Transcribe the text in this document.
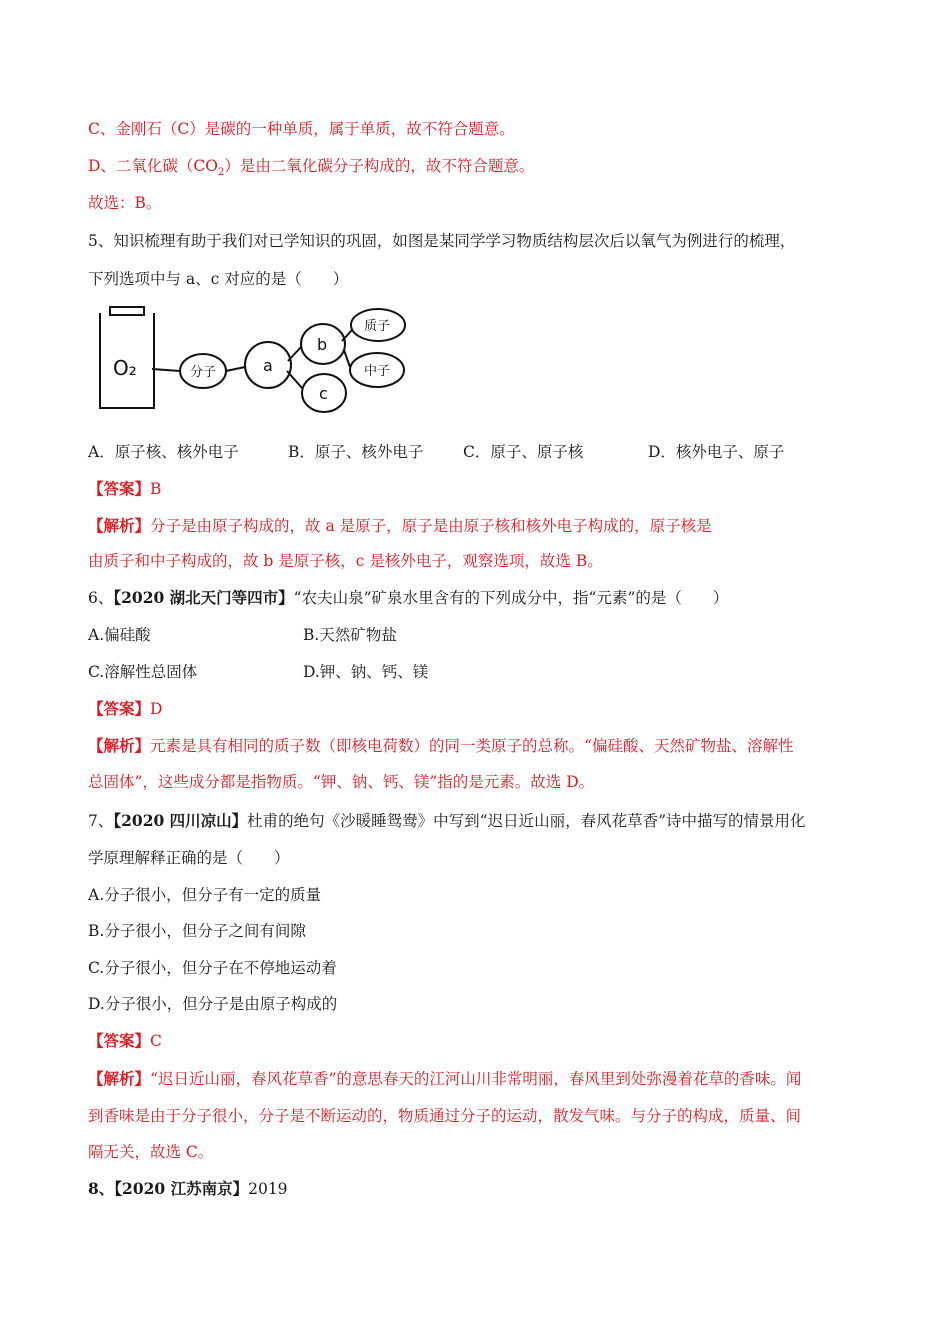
C、金刚石（C）是碳的一种单质，属于单质，故不符合题意。
D、二氧化碳$(CO_2)$是由二氧化碳分子构成的，故不符合题意。
故选：B。
5、知识梳理有助于我们对已学知识的巩固，如图是某同学学习物质结构层次后以氧气为例进行的梳理，
下列选项中与 a、c 对应的是（　　）
O₂	分子	a
b
c
质子
中子
A．原子核、核外电子	B．原子、核外电子	C．原子、原子核	D．核外电子、原子
【答案】B
【解析】分子是由原子构成的，故 a 是原子，原子是由原子核和核外电子构成的，原子核是
由质子和中子构成的，故 b 是原子核，c 是核外电子，观察选项，故选 B。
6、【2020 湖北天门等四市】“农夫山泉”矿泉水里含有的下列成分中，指“元素”的是（　　）
A.偏硅酸	B.天然矿物盐
C.溶解性总固体	D.钾、钠、钙、镁
【答案】D
【解析】元素是具有相同的质子数（即核电荷数）的同一类原子的总称。“偏硅酸、天然矿物盐、溶解性
总固体”，这些成分都是指物质。“钾、钠、钙、镁”指的是元素。故选 D。
7、【2020 四川凉山】杜甫的绝句《沙暖睡鸳鸯》中写到“迟日近山丽，春风花草香”诗中描写的情景用化
学原理解释正确的是（　　）
A.分子很小，但分子有一定的质量
B.分子很小，但分子之间有间隙
C.分子很小，但分子在不停地运动着
D.分子很小，但分子是由原子构成的
【答案】C
【解析】“迟日近山丽，春风花草香”的意思春天的江河山川非常明丽，春风里到处弥漫着花草的香味。闻
到香味是由于分子很小，分子是不断运动的，物质通过分子的运动，散发气味。与分子的构成，质量、间
隔无关，故选 C。
8、【2020 江苏南京】2019
